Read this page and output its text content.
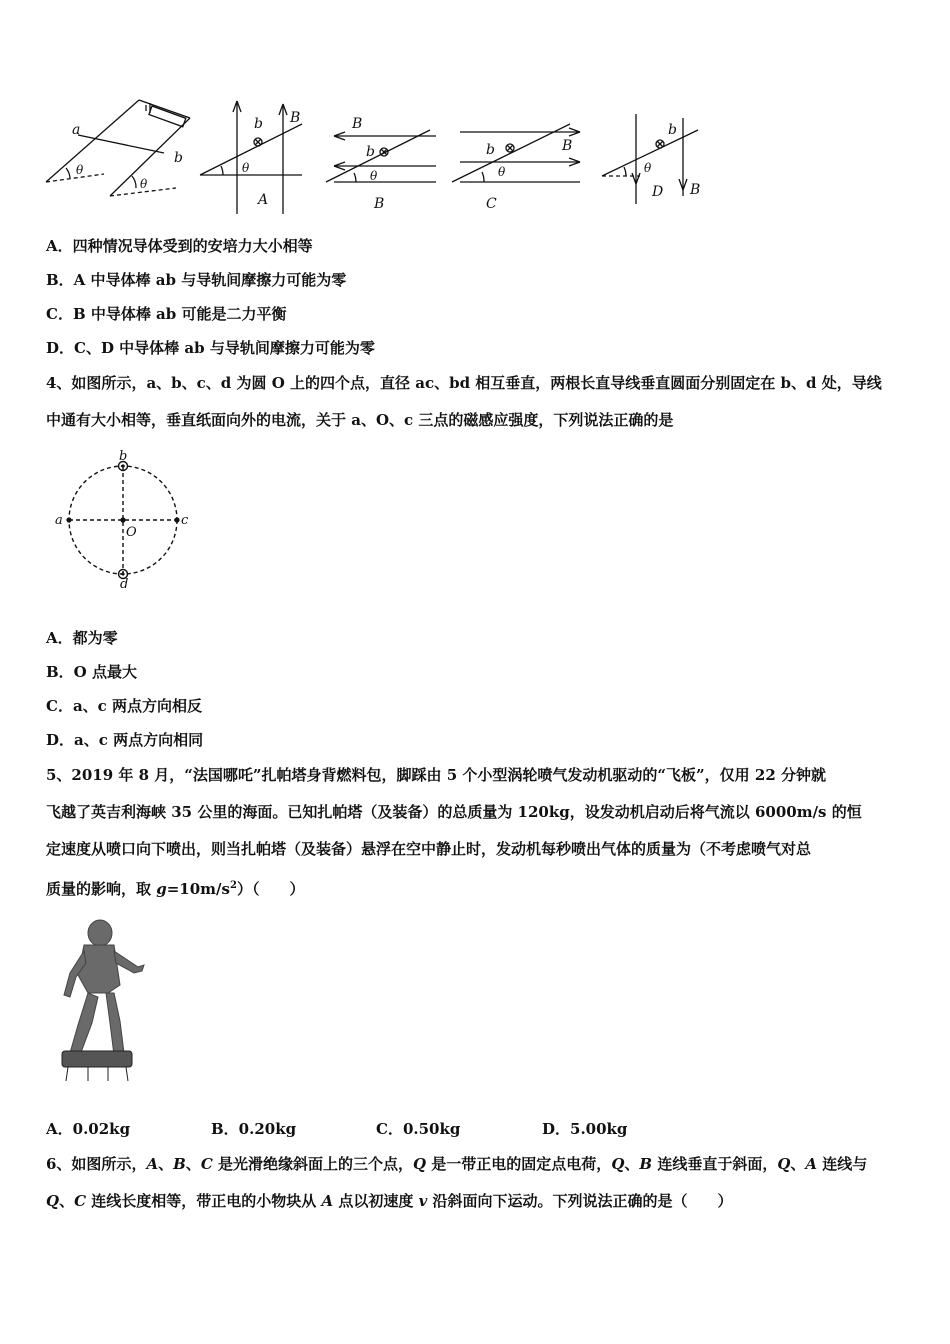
a
b
θ
θ
b B
θ
A
B
b
θ
B
b	B
θ
C
b
θ
D B
A．四种情况导体受到的安培力大小相等
B．A 中导体棒 ab 与导轨间摩擦力可能为零
C．B 中导体棒 ab 可能是二力平衡
D．C、D 中导体棒 ab 与导轨间摩擦力可能为零
4、如图所示，a、b、c、d 为圆 O 上的四个点，直径 ac、bd 相互垂直，两根长直导线垂直圆面分别固定在 b、d 处，导线
中通有大小相等，垂直纸面向外的电流，关于 a、O、c 三点的磁感应强度，下列说法正确的是
b
a	c
d
O
A．都为零
B．O 点最大
C．a、c 两点方向相反
D．a、c 两点方向相同
5、2019 年 8 月，“法国哪吒”扎帕塔身背燃料包，脚踩由 5 个小型涡轮喷气发动机驱动的“飞板”，仅用 22 分钟就
飞越了英吉利海峡 35 公里的海面。已知扎帕塔（及装备）的总质量为 120kg，设发动机启动后将气流以 6000m/s 的恒
定速度从喷口向下喷出，则当扎帕塔（及装备）悬浮在空中静止时，发动机每秒喷出气体的质量为（不考虑喷气对总
质量的影响，取 $g=10m/s^2$）（　　）
A．0.02kg	B．0.20kg	C．0.50kg	D．5.00kg
6、如图所示，A、B、C 是光滑绝缘斜面上的三个点，Q 是一带正电的固定点电荷，Q、B 连线垂直于斜面，Q、A 连线与
Q、C 连线长度相等，带正电的小物块从 A 点以初速度 v 沿斜面向下运动。下列说法正确的是（　　）
